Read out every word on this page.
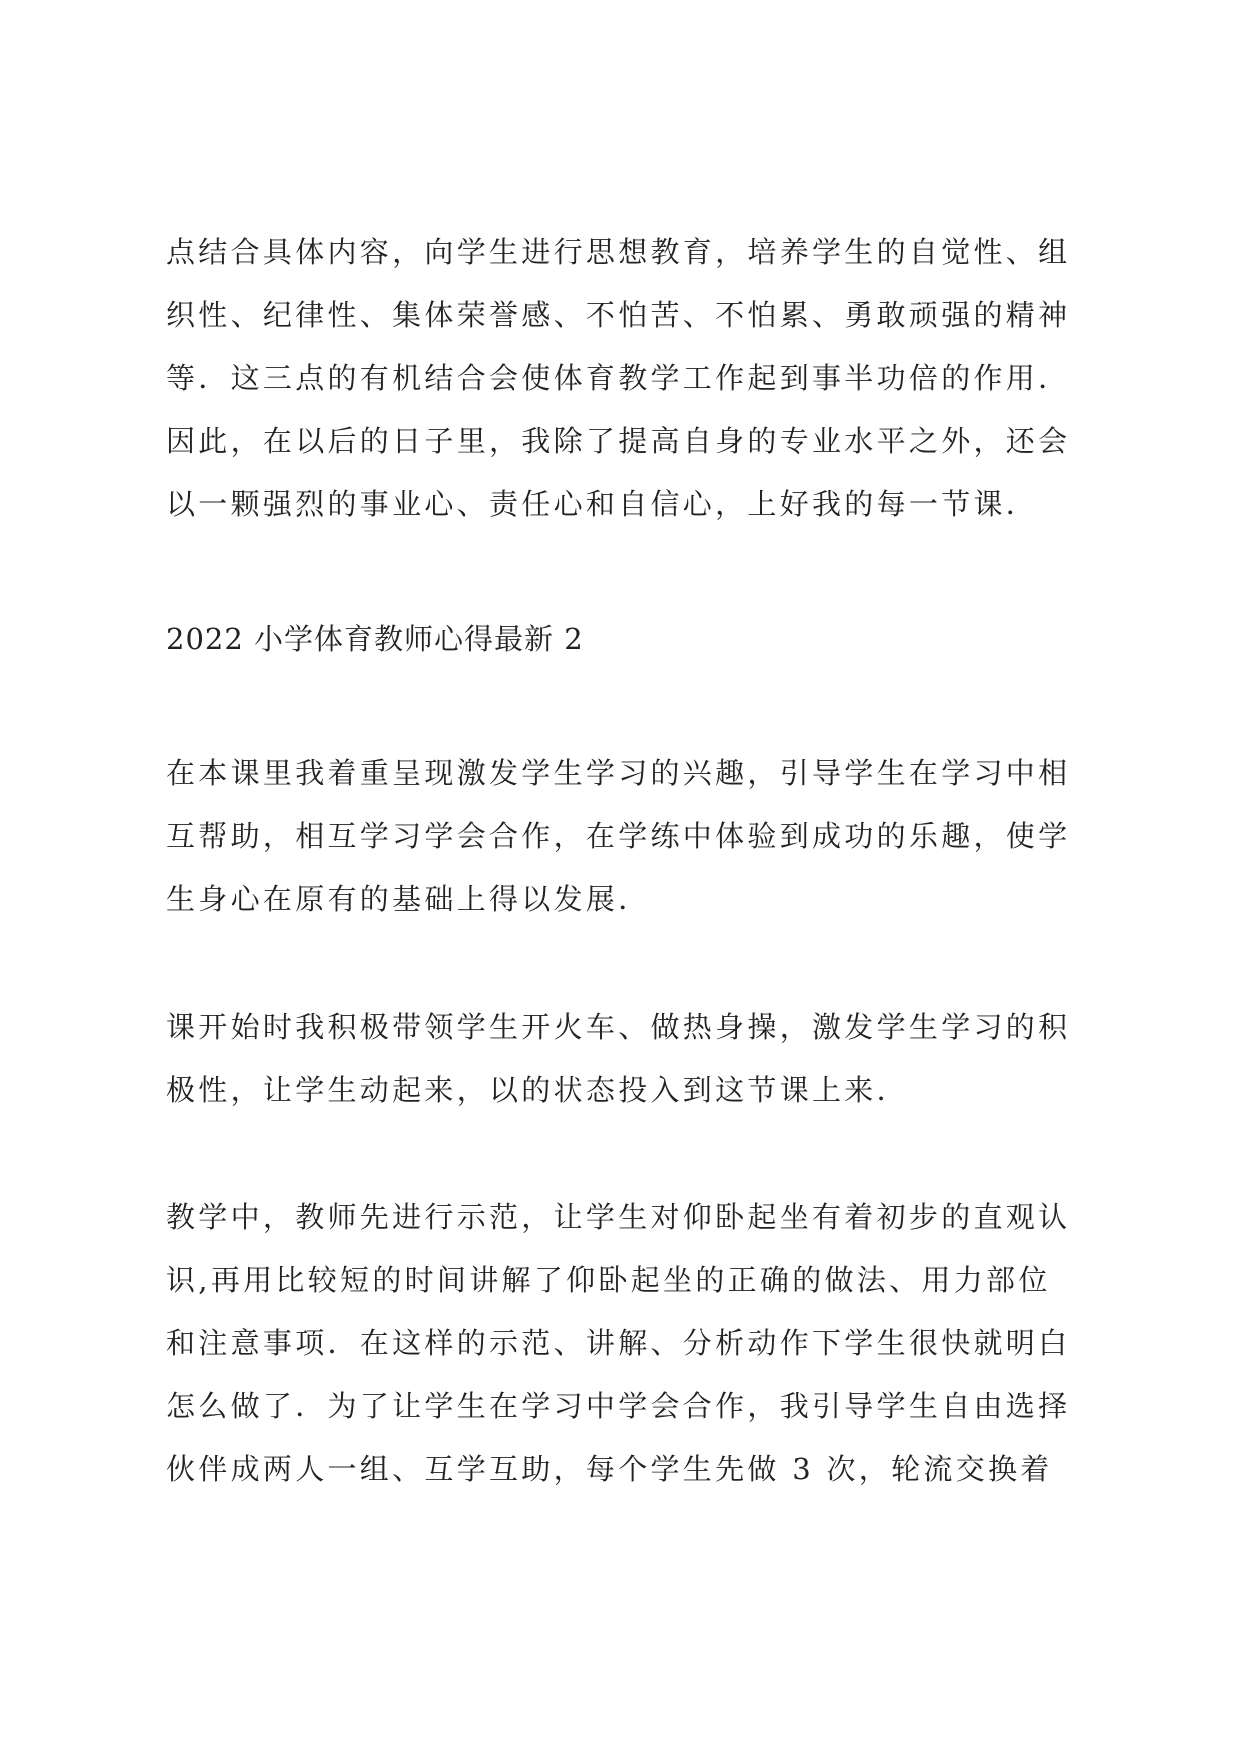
点结合具体内容，向学生进行思想教育，培养学生的自觉性、组
织性、纪律性、集体荣誉感、不怕苦、不怕累、勇敢顽强的精神
等．这三点的有机结合会使体育教学工作起到事半功倍的作用．
因此，在以后的日子里，我除了提高自身的专业水平之外，还会
以一颗强烈的事业心、责任心和自信心，上好我的每一节课．
2022 小学体育教师心得最新 2
在本课里我着重呈现激发学生学习的兴趣，引导学生在学习中相
互帮助，相互学习学会合作，在学练中体验到成功的乐趣，使学
生身心在原有的基础上得以发展．
课开始时我积极带领学生开火车、做热身操，激发学生学习的积
极性，让学生动起来，以的状态投入到这节课上来．
教学中，教师先进行示范，让学生对仰卧起坐有着初步的直观认
识,再用比较短的时间讲解了仰卧起坐的正确的做法、用力部位
和注意事项．在这样的示范、讲解、分析动作下学生很快就明白
怎么做了．为了让学生在学习中学会合作，我引导学生自由选择
伙伴成两人一组、互学互助，每个学生先做 3 次，轮流交换着
